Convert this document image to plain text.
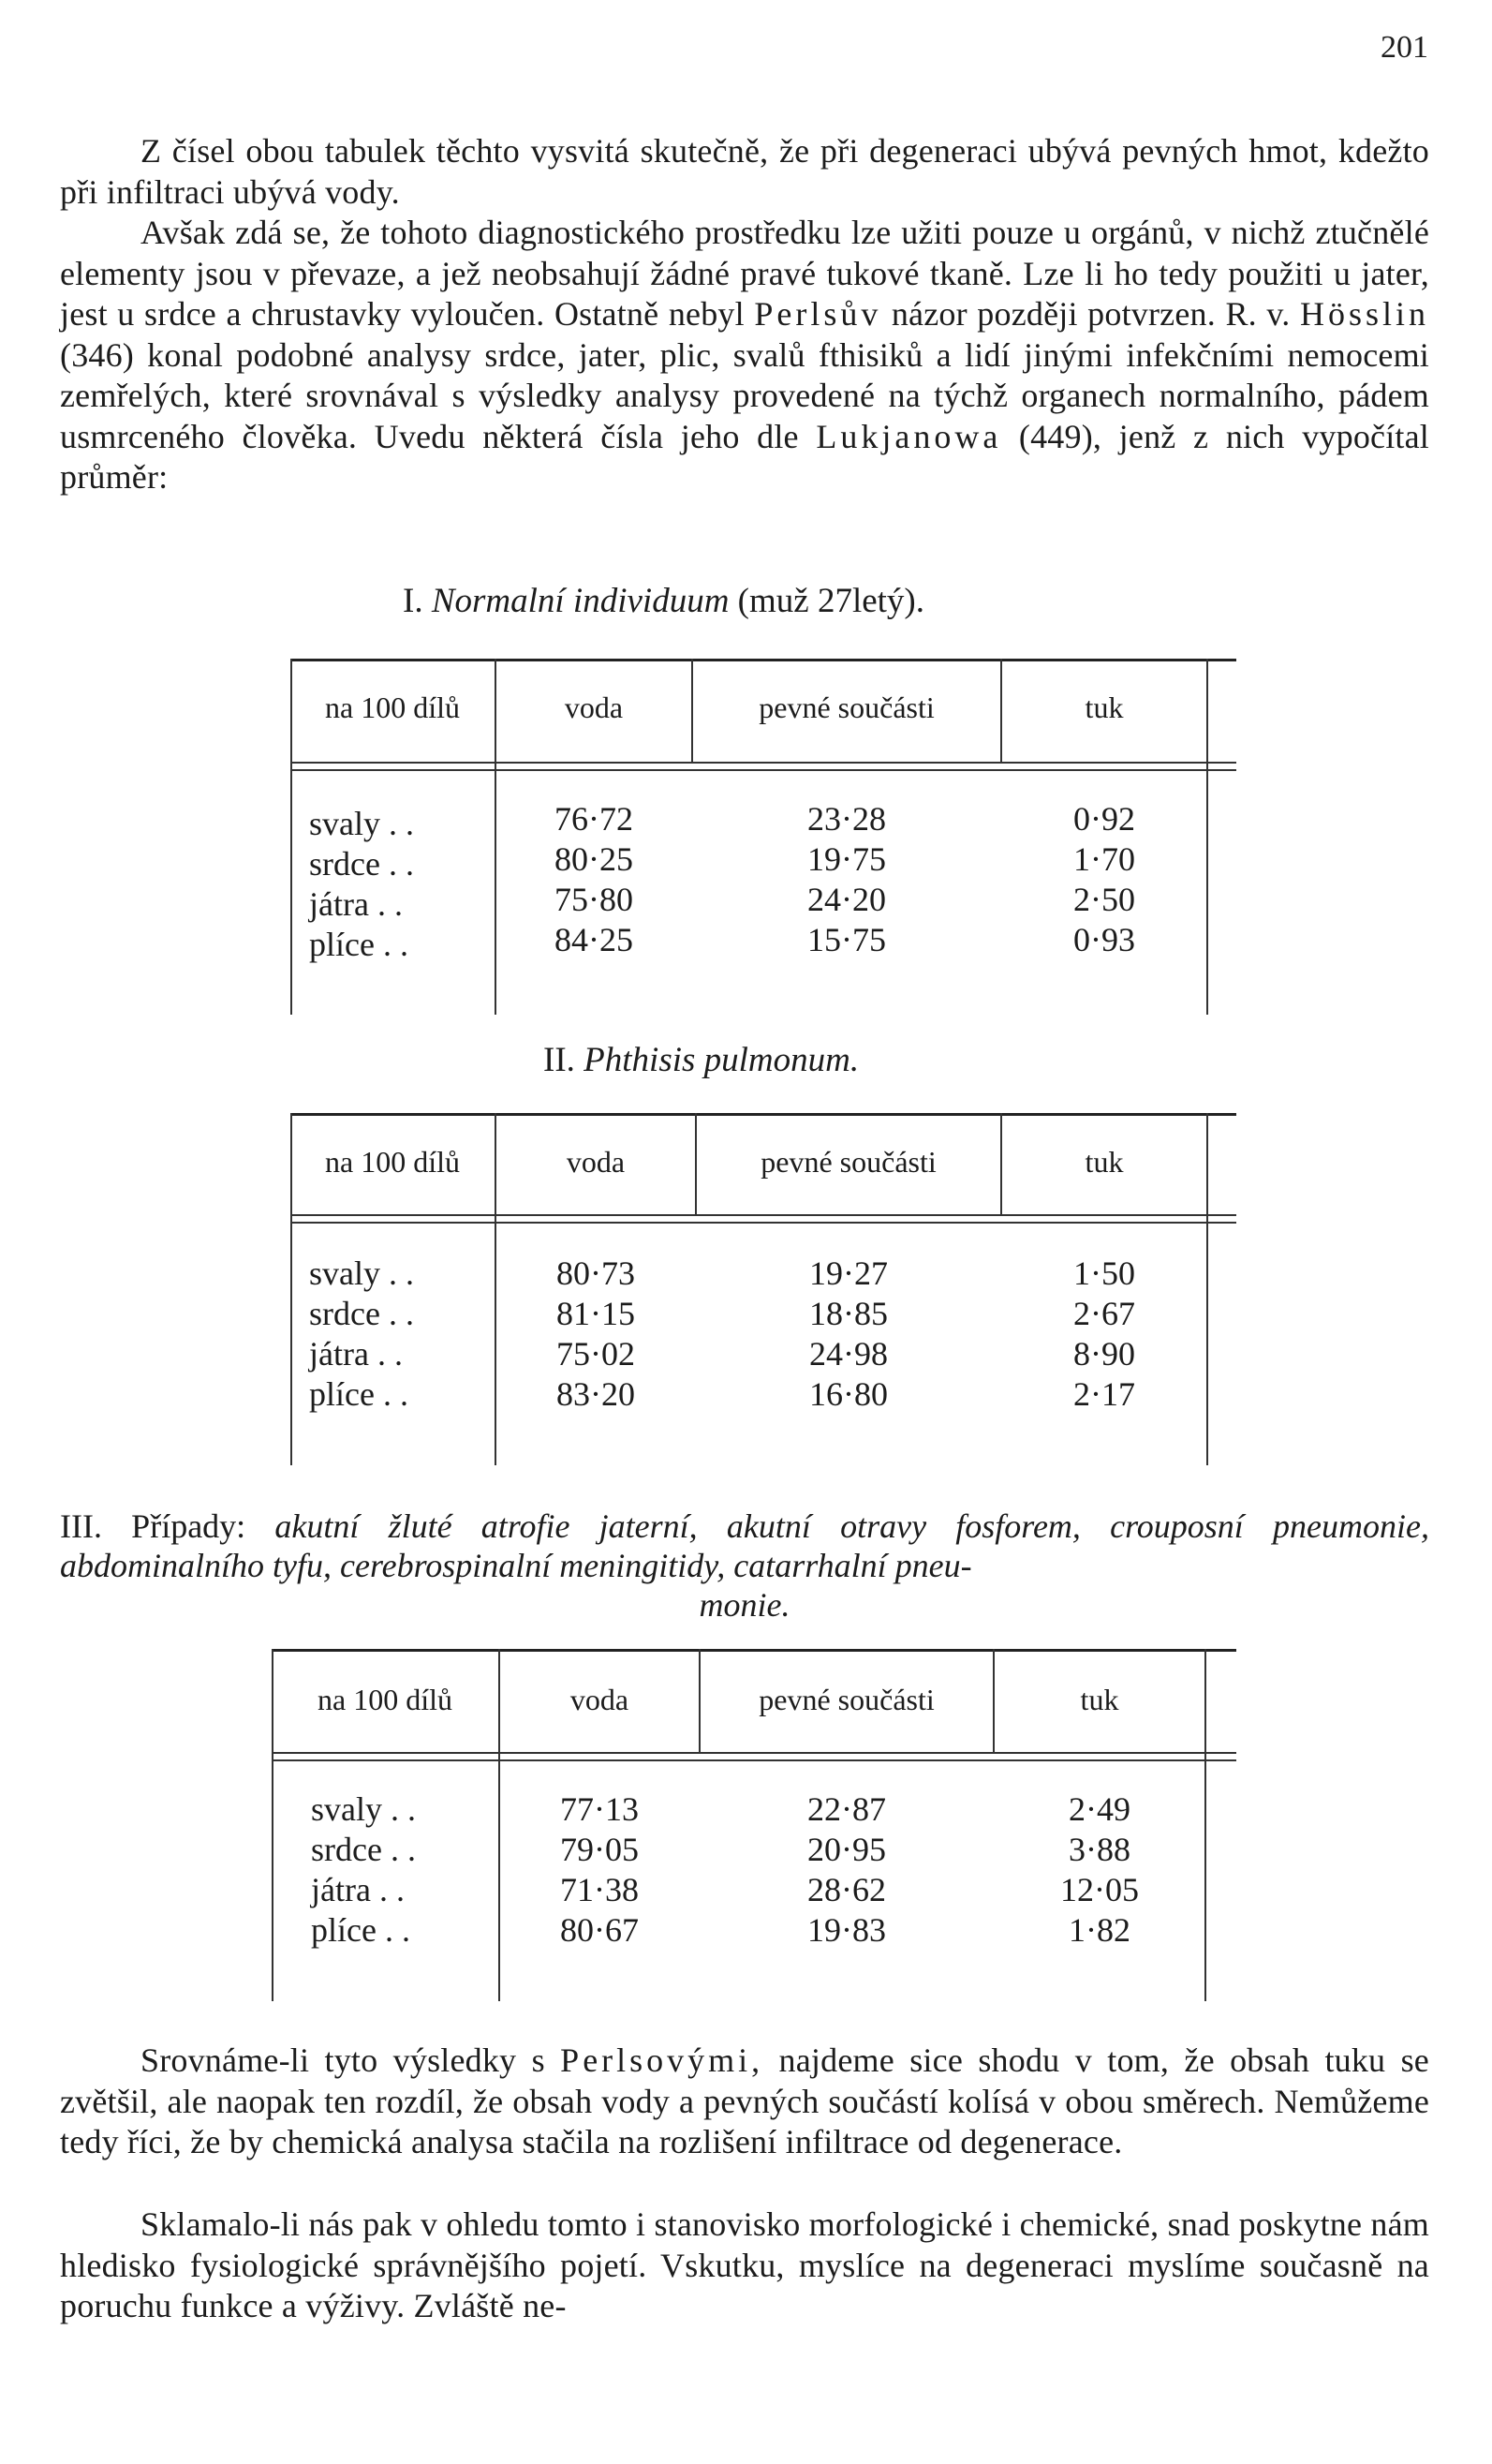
201

Z čísel obou tabulek těchto vysvitá skutečně, že při degeneraci ubývá pevných hmot, kdežto při infiltraci ubývá vody.

Avšak zdá se, že tohoto diagnostického prostředku lze užiti pouze u orgánů, v nichž ztučnělé elementy jsou v převaze, a jež neobsahují žádné pravé tukové tkaně. Lze li ho tedy použiti u jater, jest u srdce a chrustavky vyloučen. Ostatně nebyl Perlsův názor později potvrzen. R. v. Hösslin (346) konal podobné analysy srdce, jater, plic, svalů fthisiků a lidí jinými infekčními nemocemi zemřelých, které srovnával s výsledky analysy provedené na týchž organech normalního, pádem usmrceného člověka. Uvedu některá čísla jeho dle Lukjanowa (449), jenž z nich vypočítal průměr:

I. Normalní individuum (muž 27letý).

na 100 dílů	voda	pevné součásti	tuk
svaly . .	76·72	23·28	0·92
srdce . .	80·25	19·75	1·70
játra . .	75·80	24·20	2·50
plíce . .	84·25	15·75	0·93

II. Phthisis pulmonum.

na 100 dílů	voda	pevné součásti	tuk
svaly . .	80·73	19·27	1·50
srdce . .	81·15	18·85	2·67
játra . .	75·02	24·98	8·90
plíce . .	83·20	16·80	2·17

III. Případy: akutní žluté atrofie jaterní, akutní otravy fosforem, crouposní pneumonie, abdominalního tyfu, cerebrospinalní meningitidy, catarrhalní pneu-
monie.

na 100 dílů	voda	pevné součásti	tuk
svaly . .	77·13	22·87	2·49
srdce . .	79·05	20·95	3·88
játra . .	71·38	28·62	12·05
plíce . .	80·67	19·83	1·82

Srovnáme-li tyto výsledky s Perlsovými, najdeme sice shodu v tom, že obsah tuku se zvětšil, ale naopak ten rozdíl, že obsah vody a pevných součástí kolísá v obou směrech. Nemůžeme tedy říci, že by chemická analysa stačila na rozlišení infiltrace od degenerace.

Sklamalo-li nás pak v ohledu tomto i stanovisko morfologické i chemické, snad poskytne nám hledisko fysiologické správnějšího pojetí. Vskutku, myslíce na degeneraci myslíme současně na poruchu funkce a výživy. Zvláště ne-
